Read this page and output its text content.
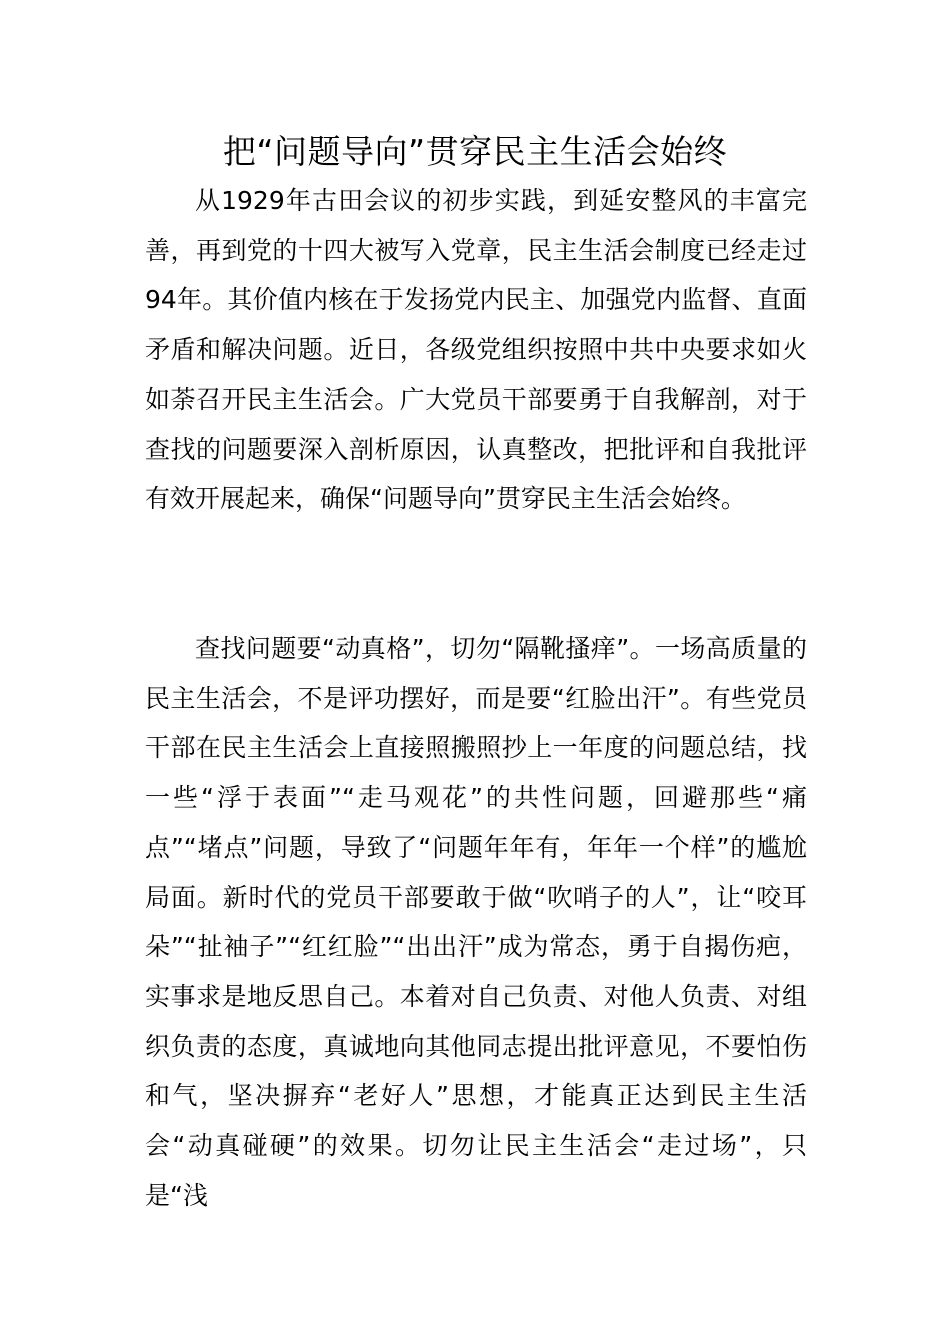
把“问题导向”贯穿民主生活会始终

从1929年古田会议的初步实践，到延安整风的丰富完善，再到党的十四大被写入党章，民主生活会制度已经走过94年。其价值内核在于发扬党内民主、加强党内监督、直面矛盾和解决问题。近日，各级党组织按照中共中央要求如火如荼召开民主生活会。广大党员干部要勇于自我解剖，对于查找的问题要深入剖析原因，认真整改，把批评和自我批评有效开展起来，确保“问题导向”贯穿民主生活会始终。

查找问题要“动真格”，切勿“隔靴搔痒”。一场高质量的民主生活会，不是评功摆好，而是要“红脸出汗”。有些党员干部在民主生活会上直接照搬照抄上一年度的问题总结，找一些“浮于表面”“走马观花”的共性问题，回避那些“痛点”“堵点”问题，导致了“问题年年有，年年一个样”的尴尬局面。新时代的党员干部要敢于做“吹哨子的人”，让“咬耳朵”“扯袖子”“红红脸”“出出汗”成为常态，勇于自揭伤疤，实事求是地反思自己。本着对自己负责、对他人负责、对组织负责的态度，真诚地向其他同志提出批评意见，不要怕伤和气，坚决摒弃“老好人”思想，才能真正达到民主生活会“动真碰硬”的效果。切勿让民主生活会“走过场”，只是“浅
